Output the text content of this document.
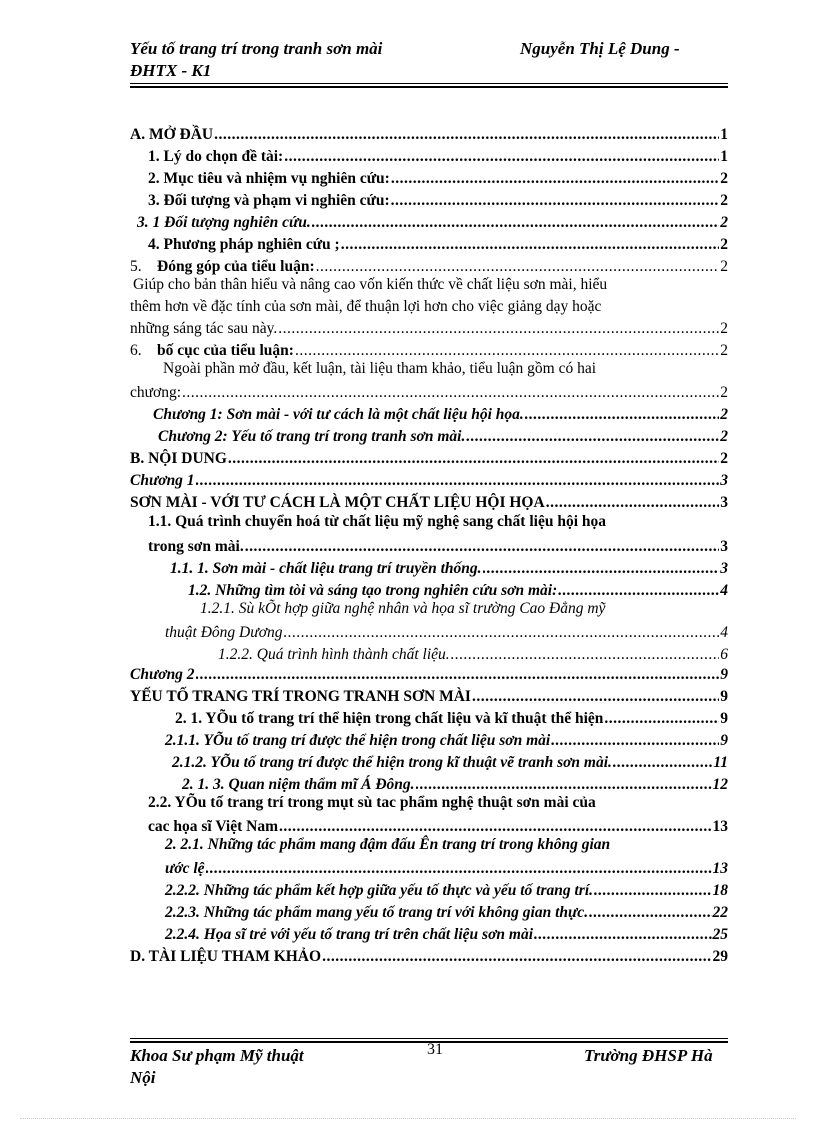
Yếu tố trang trí trong tranh sơn mài	Nguyễn Thị Lệ Dung -
ĐHTX - K1
A. MỞ ĐẦU .....	1
1. Lý do chọn đề tài: .....	1
2. Mục tiêu và nhiệm vụ nghiên cứu: .....	2
3. Đối tượng và phạm vi nghiên cứu: .....	2
3. 1 Đối tượng nghiên cứu. .....	2
4. Phương pháp nghiên cứu ; .....	2
5. Đóng góp của tiểu luận: .....	2
Giúp cho bản thân hiểu và nâng cao vốn kiến thức về chất liệu sơn mài, hiểu
thêm hơn về đặc tính của sơn mài, để thuận lợi hơn cho việc giảng dạy hoặc
những sáng tác sau này. .....	2
6. bố cục của tiểu luận: .....	2
Ngoài phần mở đầu, kết luận, tài liệu tham khảo, tiểu luận gồm có hai
chương: .....	2
Chương 1: Sơn mài - với tư cách là một chất liệu hội họa. .....	2
Chương 2: Yếu tố trang trí trong tranh sơn mài. .....	2
B. NỘI DUNG .....	2
Chương 1 .....	3
SƠN MÀI - VỚI TƯ CÁCH LÀ MỘT CHẤT LIỆU HỘI HỌA .....	3
1.1. Quá trình chuyển hoá từ chất liệu mỹ nghệ sang chất liệu hội họa
trong sơn mài. .....	3
1.1. 1. Sơn mài - chất liệu trang trí truyền thống. .....	3
1.2. Những tìm tòi và sáng tạo trong nghiên cứu sơn mài: .....	4
1.2.1. Sù kÕt hợp giữa nghệ nhân và họa sĩ trường Cao Đẳng mỹ
thuật Đông Dương .....	4
1.2.2. Quá trình hình thành chất liệu. .....	6
Chương 2 .....	9
YẾU TỐ TRANG TRÍ TRONG TRANH SƠN MÀI .....	9
2. 1. YÕu tố trang trí thể hiện trong chất liệu và kĩ thuật thể hiện .....	9
2.1.1. YÕu tố trang trí được thể hiện trong chất liệu sơn mài .....	9
2.1.2. YÕu tố trang trí được thể hiện trong kĩ thuật vẽ tranh sơn mài. .....	11
2. 1. 3. Quan niệm thẩm mĩ Á Đông. .....	12
2.2. YÕu tố trang trí trong mụt sù tac phẩm nghệ thuật sơn mài của
cac họa sĩ Việt Nam .....	13
2. 2.1. Những tác phẩm mang đậm đấu Ên trang trí trong không gian
ước lệ .....	13
2.2.2. Những tác phẩm kết hợp giữa yếu tố thực và yếu tố trang trí. .....	18
2.2.3. Những tác phẩm mang yếu tố trang trí với không gian thực. .....	22
2.2.4. Họa sĩ trẻ với yếu tố trang trí trên chất liệu sơn mài .....	25
D. TÀI LIỆU THAM KHẢO .....	29
Khoa Sư phạm Mỹ thuật
Nội
31	Trường ĐHSP Hà
